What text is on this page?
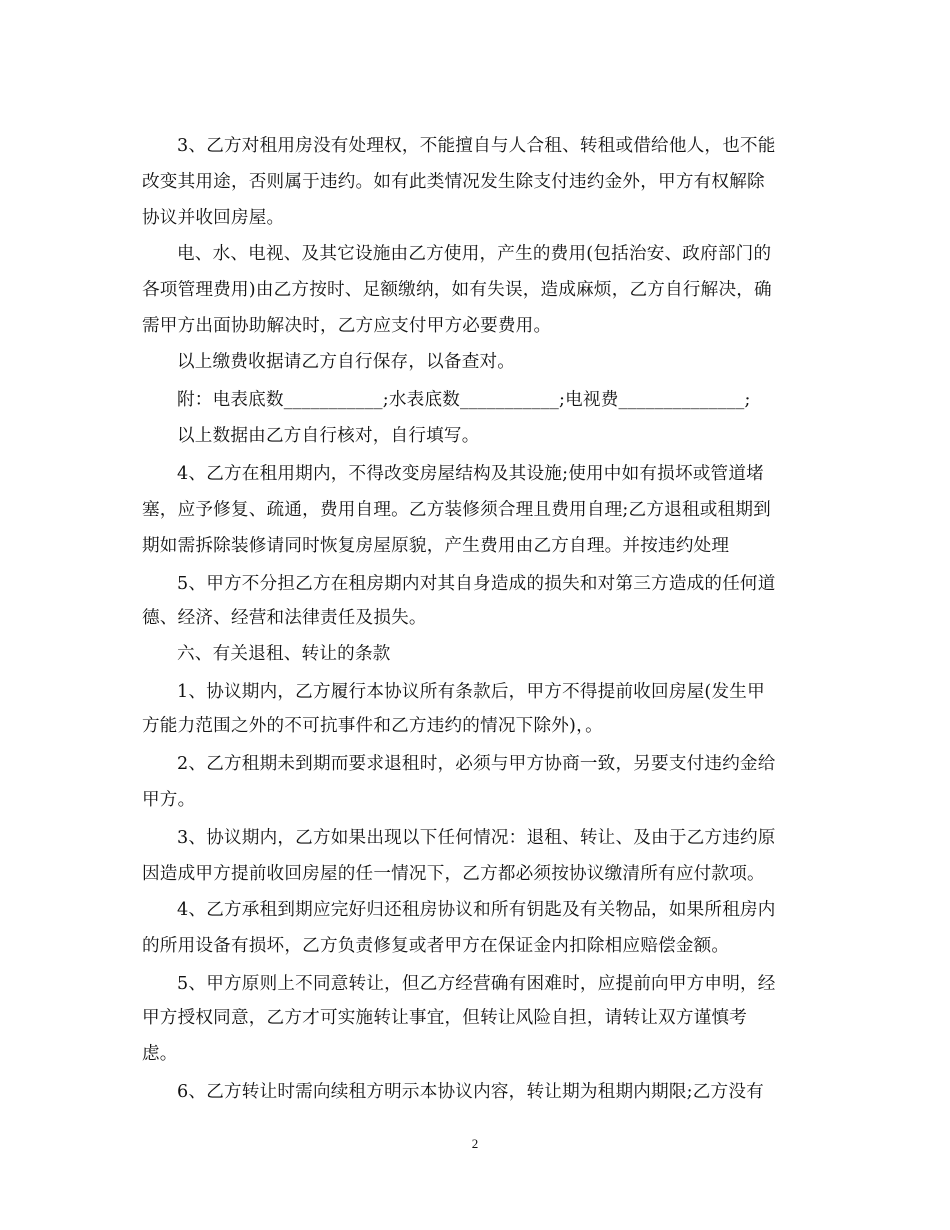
3、乙方对租用房没有处理权，不能擅自与人合租、转租或借给他人，也不能
改变其用途，否则属于违约。如有此类情况发生除支付违约金外，甲方有权解除
协议并收回房屋。
电、水、电视、及其它设施由乙方使用，产生的费用(包括治安、政府部门的
各项管理费用)由乙方按时、足额缴纳，如有失误，造成麻烦，乙方自行解决，确
需甲方出面协助解决时，乙方应支付甲方必要费用。
以上缴费收据请乙方自行保存，以备查对。
附：电表底数___________;水表底数___________;电视费______________;
以上数据由乙方自行核对，自行填写。
4、乙方在租用期内，不得改变房屋结构及其设施;使用中如有损坏或管道堵
塞，应予修复、疏通，费用自理。乙方装修须合理且费用自理;乙方退租或租期到
期如需拆除装修请同时恢复房屋原貌，产生费用由乙方自理。并按违约处理
5、甲方不分担乙方在租房期内对其自身造成的损失和对第三方造成的任何道
德、经济、经营和法律责任及损失。
六、有关退租、转让的条款
1、协议期内，乙方履行本协议所有条款后，甲方不得提前收回房屋(发生甲
方能力范围之外的不可抗事件和乙方违约的情况下除外)，。
2、乙方租期未到期而要求退租时，必须与甲方协商一致，另要支付违约金给
甲方。
3、协议期内，乙方如果出现以下任何情况：退租、转让、及由于乙方违约原
因造成甲方提前收回房屋的任一情况下，乙方都必须按协议缴清所有应付款项。
4、乙方承租到期应完好归还租房协议和所有钥匙及有关物品，如果所租房内
的所用设备有损坏，乙方负责修复或者甲方在保证金内扣除相应赔偿金额。
5、甲方原则上不同意转让，但乙方经营确有困难时，应提前向甲方申明，经
甲方授权同意，乙方才可实施转让事宜，但转让风险自担，请转让双方谨慎考
虑。
6、乙方转让时需向续租方明示本协议内容，转让期为租期内期限;乙方没有
2
